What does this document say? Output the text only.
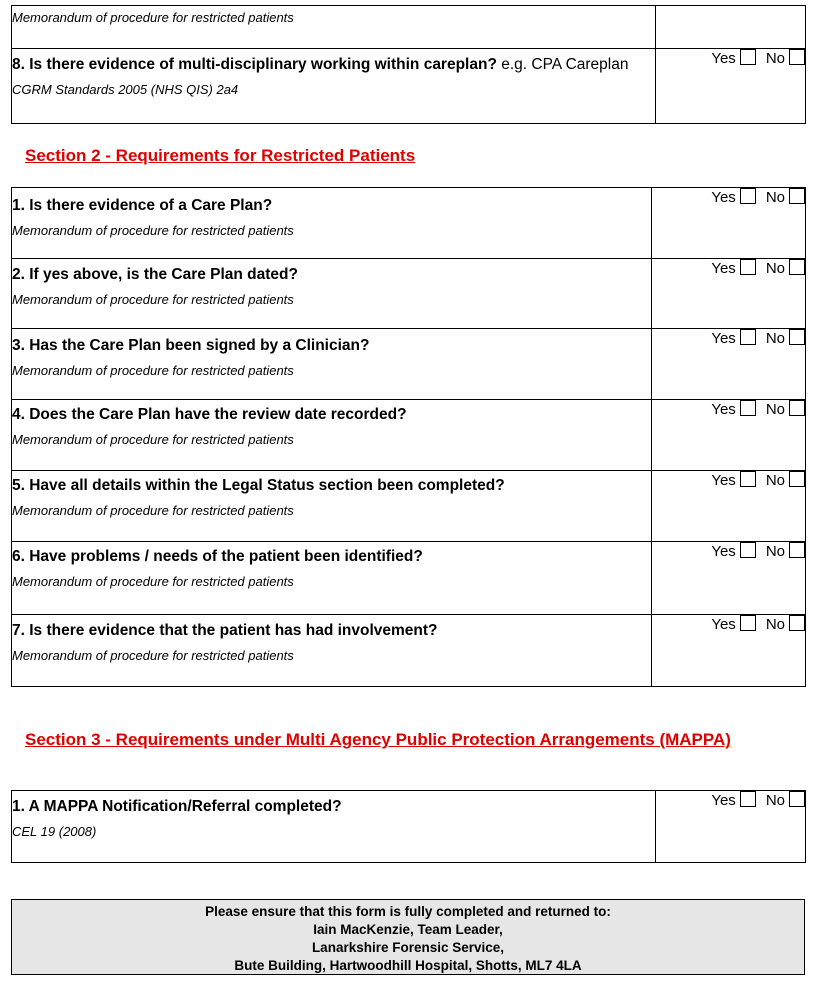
Memorandum of procedure for restricted patients	

8. Is there evidence of multi-disciplinary working within careplan? e.g. CPA Careplan
CGRM Standards 2005 (NHS QIS) 2a4	Yes No
Section 2 - Requirements for Restricted Patients
1. Is there evidence of a Care Plan?
Memorandum of procedure for restricted patients	Yes No

2. If yes above, is the Care Plan dated?
Memorandum of procedure for restricted patients	Yes No

3. Has the Care Plan been signed by a Clinician?
Memorandum of procedure for restricted patients	Yes No

4. Does the Care Plan have the review date recorded?
Memorandum of procedure for restricted patients	Yes No

5. Have all details within the Legal Status section been completed?
Memorandum of procedure for restricted patients	Yes No

6. Have problems / needs of the patient been identified?
Memorandum of procedure for restricted patients	Yes No

7. Is there evidence that the patient has had involvement?
Memorandum of procedure for restricted patients	Yes No
Section 3 - Requirements under Multi Agency Public Protection Arrangements (MAPPA)
1. A MAPPA Notification/Referral completed?
CEL 19 (2008)
	Yes No
Please ensure that this form is fully completed and returned to:
Iain MacKenzie, Team Leader,
Lanarkshire Forensic Service,
Bute Building, Hartwoodhill Hospital, Shotts, ML7 4LA
